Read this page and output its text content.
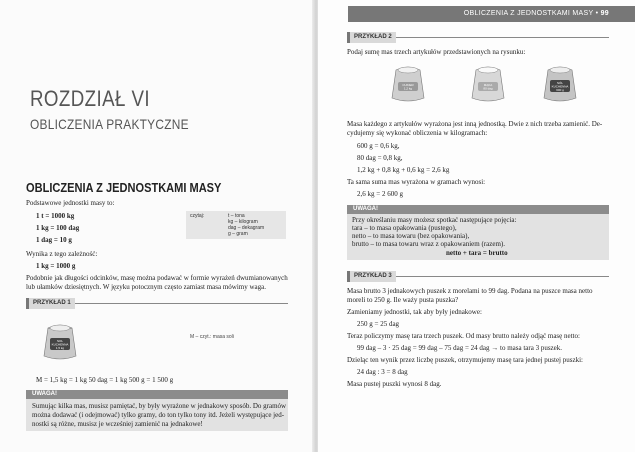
ROZDZIAŁ VI
OBLICZENIA PRAKTYCZNE
OBLICZENIA Z JEDNOSTKAMI MASY
Podstawowe jednostki masy to:
1 t = 1000 kg
1 kg = 100 dag
1 dag = 10 g
czytaj:	t – tona
kg – kilogram
dag – dekagram
g – gram
Wynika z tego zależność:
1 kg = 1000 g
Podobnie jak długości odcinków, masę można podawać w formie wyrażeń dwumianowanych
lub ułamków dziesiętnych. W języku potocznym często zamiast masa mówimy waga.
PRZYKŁAD 1
SOL
KUCHENNA
1,5 kg
M – czyt.: masa soli
M = 1,5 kg = 1 kg 50 dag = 1 kg 500 g = 1 500 g
UWAGA!
Sumując kilka mas, musisz pamiętać, by były wyrażone w jednakowy sposób. Do gramów
można dodawać (i odejmować) tylko gramy, do ton tylko tony itd. Jeżeli występujące jed-
nostki są różne, musisz je wcześniej zamienić na jednakowe!
OBLICZENIA Z JEDNOSTKAMI MASY • 99
PRZYKŁAD 2
Podaj sumę mas trzech artykułów przedstawionych na rysunku:
CUKIER
1,2 kg
MĄKA
80 dag
SÓL
KUCHENNA
600 g
Masa każdego z artykułów wyrażona jest inną jednostką. Dwie z nich trzeba zamienić. De-
cydujemy się wykonać obliczenia w kilogramach:
600 g = 0,6 kg,
80 dag = 0,8 kg,
1,2 kg + 0,8 kg + 0,6 kg = 2,6 kg
Ta sama suma mas wyrażona w gramach wynosi:
2,6 kg = 2 600 g
UWAGA!
Przy określaniu masy możesz spotkać następujące pojęcia:
tara – to masa opakowania (pustego),
netto – to masa towaru (bez opakowania),
brutto – to masa towaru wraz z opakowaniem (razem).
netto + tara = brutto
PRZYKŁAD 3
Masa brutto 3 jednakowych puszek z morelami to 99 dag. Podana na puszce masa netto
moreli to 250 g. Ile waży pusta puszka?
Zamieniamy jednostki, tak aby były jednakowe:
250 g = 25 dag
Teraz policzymy masę tara trzech puszek. Od masy brutto należy odjąć masę netto:
99 dag – 3 · 25 dag = 99 dag – 75 dag = 24 dag → to masa tara 3 puszek.
Dzieląc ten wynik przez liczbę puszek, otrzymujemy masę tara jednej pustej puszki:
24 dag : 3 = 8 dag
Masa pustej puszki wynosi 8 dag.
